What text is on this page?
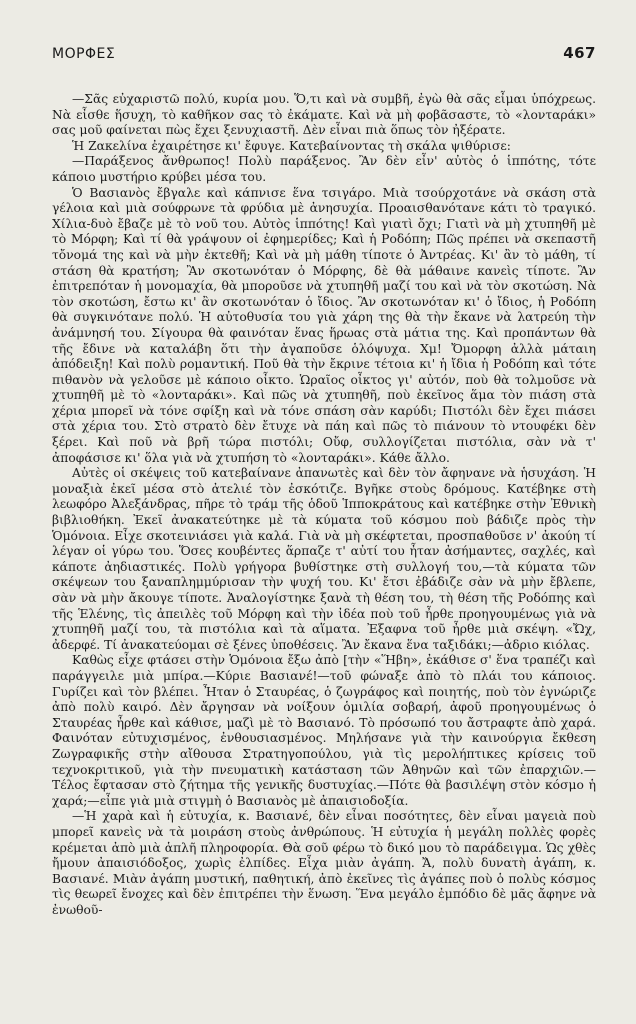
ΜΟΡΦΕΣ	467

—Σᾶς εὐχαριστῶ πολύ, κυρία μου. Ὅ,τι καὶ νὰ συμβῆ, ἐγὼ θὰ σᾶς εἶμαι ὑπόχρεως. Νὰ εἶσθε ἥσυχη, τὸ καθῆκον σας τὸ ἐκάματε. Καὶ νὰ μὴ φοβᾶσαστε, τὸ «λονταράκι» σας μοῦ φαίνεται πὼς ἔχει ξενυχιαστῆ. Δὲν εἶναι πιὰ ὅπως τὸν ἠξέρατε.

Ἡ Ζακελίνα ἐχαιρέτησε κι' ἔφυγε. Κατεβαίνοντας τὴ σκάλα ψιθύρισε:

—Παράξενος ἄνθρωπος! Πολὺ παράξενος. Ἂν δὲν εἶν' αὐτὸς ὁ ἱππότης, τότε κάποιο μυστήριο κρύβει μέσα του.

Ὁ Βασιανὸς ἔβγαλε καὶ κάπνισε ἕνα τσιγάρο. Μιὰ τσούρχοτάνε νὰ σκάση στὰ γέλοια καὶ μιὰ σούφρωνε τὰ φρύδια μὲ ἀνησυχία. Προαισθανότανε κάτι τὸ τραγικό. Χίλια-δυὸ ἔβαζε μὲ τὸ νοῦ του. Αὐτὸς ἱππότης! Καὶ γιατὶ ὄχι; Γιατὶ νὰ μὴ χτυπηθῆ μὲ τὸ Μόρφη; Καὶ τί θὰ γράψουν οἱ ἐφημερίδες; Καὶ ἡ Ροδόπη; Πῶς πρέπει νὰ σκεπαστῆ τὄνομά της καὶ νὰ μὴν ἐκτεθῆ; Καὶ νὰ μὴ μάθη τίποτε ὁ Ἀντρέας. Κι' ἂν τὸ μάθη, τί στάση θὰ κρατήση; Ἂν σκοτωνόταν ὁ Μόρφης, δὲ θὰ μάθαινε κανεὶς τίποτε. Ἂν ἐπιτρεπόταν ἡ μονομαχία, θὰ μποροῦσε νὰ χτυπηθῆ μαζί του καὶ νὰ τὸν σκοτώση. Νὰ τὸν σκοτώση, ἔστω κι' ἂν σκοτωνόταν ὁ ἴδιος. Ἂν σκοτωνόταν κι' ὁ ἴδιος, ἡ Ροδόπη θὰ συγκινότανε πολύ. Ἡ αὐτοθυσία του γιὰ χάρη της θὰ τὴν ἔκανε νὰ λατρεύη τὴν ἀνάμνησή του. Σίγουρα θὰ φαινόταν ἕνας ἥρωας στὰ μάτια της. Καὶ προπάντων θὰ τῆς ἔδινε νὰ καταλάβη ὅτι τὴν ἀγαποῦσε ὁλόψυχα. Χμ! Ὄμορφη ἀλλὰ μάταιη ἀπόδειξη! Καὶ πολὺ ρομαντική. Ποῦ θὰ τὴν ἔκρινε τέτοια κι' ἡ ἴδια ἡ Ροδόπη καὶ τότε πιθανὸν νὰ γελοῦσε μὲ κάποιο οἶκτο. Ὡραῖος οἶκτος γι' αὐτόν, ποὺ θὰ τολμοῦσε νὰ χτυπηθῆ μὲ τὸ «λονταράκι». Καὶ πῶς νὰ χτυπηθῆ, ποὺ ἐκεῖνος ἅμα τὸν πιάση στὰ χέρια μπορεῖ νὰ τόνε σφίξη καὶ νὰ τόνε σπάση σὰν καρύδι; Πιστόλι δὲν ἔχει πιάσει στὰ χέρια του. Στὸ στρατὸ δὲν ἔτυχε νὰ πάη καὶ πῶς τὸ πιάνουν τὸ ντουφέκι δὲν ξέρει. Καὶ ποῦ νὰ βρῆ τώρα πιστόλι; Οὔφ, συλλογίζεται πιστόλια, σὰν νὰ τ' ἀποφάσισε κι' ὅλα γιὰ νὰ χτυπήση τὸ «λονταράκι». Κάθε ἄλλο.

Αὐτὲς οἱ σκέψεις τοῦ κατεβαίνανε ἀπανωτὲς καὶ δὲν τὸν ἄφηνανε νὰ ἡσυχάση. Ἡ μοναξιὰ ἐκεῖ μέσα στὸ ἀτελιέ τὸν ἐσκότιζε. Βγῆκε στοὺς δρόμους. Κατέβηκε στὴ λεωφόρο Ἀλεξάνδρας, πῆρε τὸ τράμ τῆς ὁδοῦ Ἱπποκράτους καὶ κατέβηκε στὴν Ἐθνικὴ βιβλιοθήκη. Ἐκεῖ ἀνακατεύτηκε μὲ τὰ κύματα τοῦ κόσμου ποὺ βάδιζε πρὸς τὴν Ὁμόνοια. Εἶχε σκοτεινιάσει γιὰ καλά. Γιὰ νὰ μὴ σκέφτεται, προσπαθοῦσε ν' ἀκούη τί λέγαν οἱ γύρω του. Ὅσες κουβέντες ἅρπαζε τ' αὐτί του ἦταν ἀσήμαντες, σαχλές, καὶ κάποτε ἀηδιαστικές. Πολὺ γρήγορα βυθίστηκε στὴ συλλογή του,—τὰ κύματα τῶν σκέψεων του ξαναπλημμύρισαν τὴν ψυχή του. Κι' ἔτσι ἐβάδιζε σὰν νὰ μὴν ἔβλεπε, σὰν νὰ μὴν ἄκουγε τίποτε. Ἀναλογίστηκε ξανὰ τὴ θέση του, τὴ θέση τῆς Ροδόπης καὶ τῆς Ἑλένης, τὶς ἀπειλὲς τοῦ Μόρφη καὶ τὴν ἰδέα ποὺ τοῦ ἦρθε προηγουμένως γιὰ νὰ χτυπηθῆ μαζί του, τὰ πιστόλια καὶ τὰ αἵματα. Ἐξαφνα τοῦ ἦρθε μιὰ σκέψη. «Ὤχ, ἀδερφέ. Τί ἀνακατεύομαι σὲ ξένες ὑποθέσεις. Ἂν ἔκανα ἕνα ταξιδάκι;—ἀδριο κιόλας.

Καθὼς εἶχε φτάσει στὴν Ὁμόνοια ἔξω ἀπὸ [τὴν «Ἥβη», ἐκάθισε σ' ἕνα τραπέζι καὶ παράγγειλε μιὰ μπίρα.—Κύριε Βασιανέ!—τοῦ φώναξε ἀπὸ τὸ πλάι του κάποιος. Γυρίζει καὶ τὸν βλέπει. Ἦταν ὁ Σταυρέας, ὁ ζωγράφος καὶ ποιητής, ποὺ τὸν ἐγνώριζε ἀπὸ πολὺ καιρό. Δὲν ἄργησαν νὰ νοίξουν ὁμιλία σοβαρή, ἀφοῦ προηγουμένως ὁ Σταυρέας ἦρθε καὶ κάθισε, μαζὶ μὲ τὸ Βασιανό. Τὸ πρόσωπό του ἄστραφτε ἀπὸ χαρά. Φαινόταν εὐτυχισμένος, ἐνθουσιασμένος. Μηλήσανε γιὰ τὴν καινούργια ἔκθεση Ζωγραφικῆς στὴν αἴθουσα Στρατηγοπούλου, γιὰ τὶς μερολήπτικες κρίσεις τοῦ τεχνοκριτικοῦ, γιὰ τὴν πνευματικὴ κατάσταση τῶν Ἀθηνῶν καὶ τῶν ἐπαρχιῶν.—Τέλος ἔφτασαν στὸ ζήτημα τῆς γενικῆς δυστυχίας.—Πότε θὰ βασιλέψη στὸν κόσμο ἡ χαρά;—εἶπε γιὰ μιὰ στιγμὴ ὁ Βασιανὸς μὲ ἀπαισιοδοξία.

—Ἡ χαρὰ καὶ ἡ εὐτυχία, κ. Βασιανέ, δὲν εἶναι ποσότητες, δὲν εἶναι μαγειὰ ποὺ μπορεῖ κανεὶς νὰ τὰ μοιράση στοὺς ἀνθρώπους. Ἡ εὐτυχία ἡ μεγάλη πολλὲς φορὲς κρέμεται ἀπὸ μιὰ ἁπλῆ πληροφορία. Θὰ σοῦ φέρω τὸ δικό μου τὸ παράδειγμα. Ὡς χθὲς ἤμουν ἀπαισιόδοξος, χωρὶς ἐλπίδες. Εἶχα μιὰν ἀγάπη. Ἄ, πολὺ δυνατὴ ἀγάπη, κ. Βασιανέ. Μιὰν ἀγάπη μυστική, παθητική, ἀπὸ ἐκεῖνες τὶς ἀγάπες ποὺ ὁ πολὺς κόσμος τὶς θεωρεῖ ἔνοχες καὶ δὲν ἐπιτρέπει τὴν ἕνωση. Ἕνα μεγάλο ἐμπόδιο δὲ μᾶς ἄφηνε νὰ ἐνωθοῦ-
